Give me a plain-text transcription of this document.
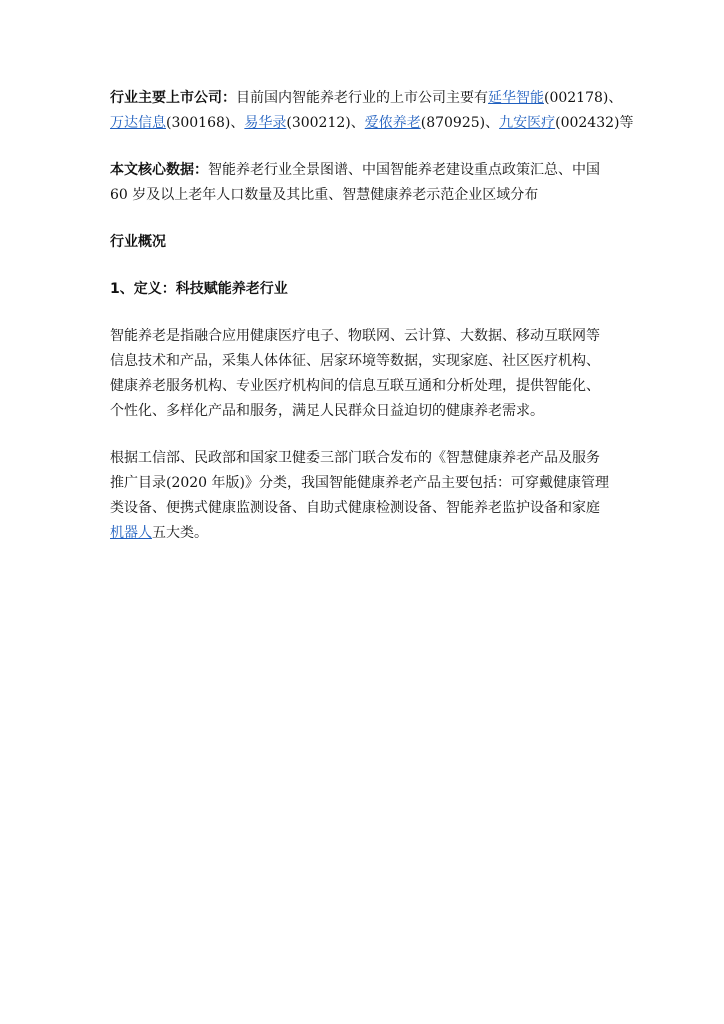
行业主要上市公司：目前国内智能养老行业的上市公司主要有延华智能(002178)、
万达信息(300168)、易华录(300212)、爱侬养老(870925)、九安医疗(002432)等

本文核心数据：智能养老行业全景图谱、中国智能养老建设重点政策汇总、中国
60 岁及以上老年人口数量及其比重、智慧健康养老示范企业区域分布

行业概况

1、定义：科技赋能养老行业

智能养老是指融合应用健康医疗电子、物联网、云计算、大数据、移动互联网等
信息技术和产品，采集人体体征、居家环境等数据，实现家庭、社区医疗机构、
健康养老服务机构、专业医疗机构间的信息互联互通和分析处理，提供智能化、
个性化、多样化产品和服务，满足人民群众日益迫切的健康养老需求。

根据工信部、民政部和国家卫健委三部门联合发布的《智慧健康养老产品及服务
推广目录(2020 年版)》分类，我国智能健康养老产品主要包括：可穿戴健康管理
类设备、便携式健康监测设备、自助式健康检测设备、智能养老监护设备和家庭
机器人五大类。
